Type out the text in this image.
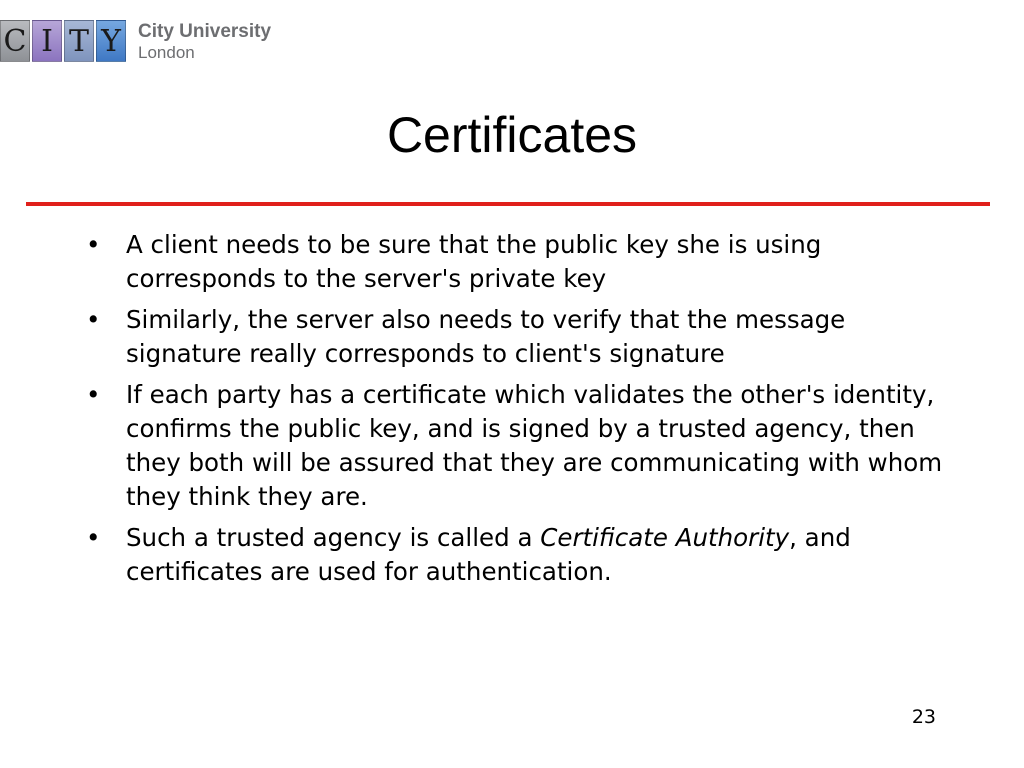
C I T Y City University
London
Certificates
• A client needs to be sure that the public key she is using corresponds to the server's private key
• Similarly, the server also needs to verify that the message signature really corresponds to client's signature
• If each party has a certificate which validates the other's identity, confirms the public key, and is signed by a trusted agency, then they both will be assured that they are communicating with whom they think they are.
• Such a trusted agency is called a Certificate Authority, and certificates are used for authentication.
23
